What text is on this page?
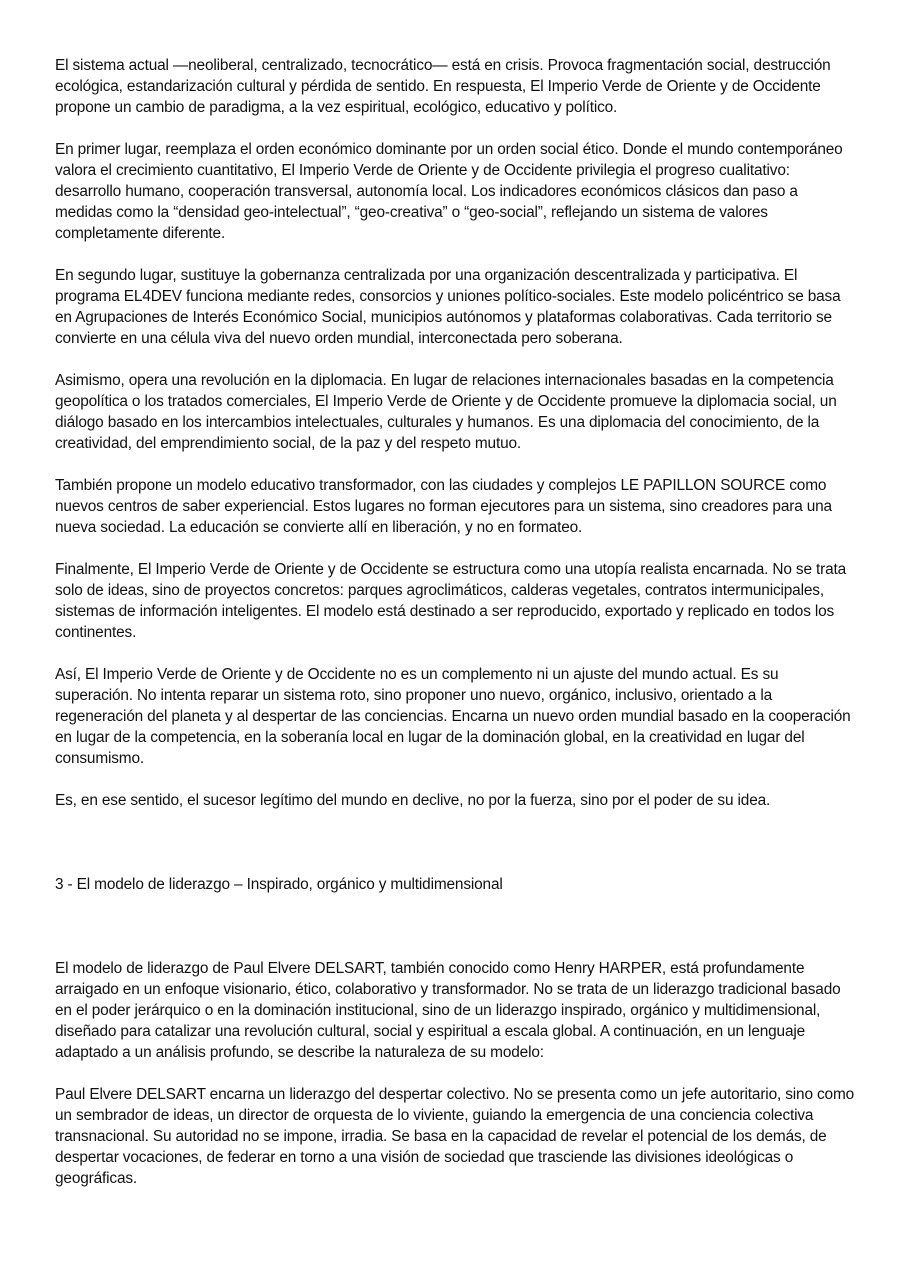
El sistema actual —neoliberal, centralizado, tecnocrático— está en crisis. Provoca fragmentación social, destrucción ecológica, estandarización cultural y pérdida de sentido. En respuesta, El Imperio Verde de Oriente y de Occidente propone un cambio de paradigma, a la vez espiritual, ecológico, educativo y político.

En primer lugar, reemplaza el orden económico dominante por un orden social ético. Donde el mundo contemporáneo valora el crecimiento cuantitativo, El Imperio Verde de Oriente y de Occidente privilegia el progreso cualitativo: desarrollo humano, cooperación transversal, autonomía local. Los indicadores económicos clásicos dan paso a medidas como la “densidad geo-intelectual”, “geo-creativa” o “geo-social”, reflejando un sistema de valores completamente diferente.

En segundo lugar, sustituye la gobernanza centralizada por una organización descentralizada y participativa. El programa EL4DEV funciona mediante redes, consorcios y uniones político-sociales. Este modelo policéntrico se basa en Agrupaciones de Interés Económico Social, municipios autónomos y plataformas colaborativas. Cada territorio se convierte en una célula viva del nuevo orden mundial, interconectada pero soberana.

Asimismo, opera una revolución en la diplomacia. En lugar de relaciones internacionales basadas en la competencia geopolítica o los tratados comerciales, El Imperio Verde de Oriente y de Occidente promueve la diplomacia social, un diálogo basado en los intercambios intelectuales, culturales y humanos. Es una diplomacia del conocimiento, de la creatividad, del emprendimiento social, de la paz y del respeto mutuo.

También propone un modelo educativo transformador, con las ciudades y complejos LE PAPILLON SOURCE como nuevos centros de saber experiencial. Estos lugares no forman ejecutores para un sistema, sino creadores para una nueva sociedad. La educación se convierte allí en liberación, y no en formateo.

Finalmente, El Imperio Verde de Oriente y de Occidente se estructura como una utopía realista encarnada. No se trata solo de ideas, sino de proyectos concretos: parques agroclimáticos, calderas vegetales, contratos intermunicipales, sistemas de información inteligentes. El modelo está destinado a ser reproducido, exportado y replicado en todos los continentes.

Así, El Imperio Verde de Oriente y de Occidente no es un complemento ni un ajuste del mundo actual. Es su superación. No intenta reparar un sistema roto, sino proponer uno nuevo, orgánico, inclusivo, orientado a la regeneración del planeta y al despertar de las conciencias. Encarna un nuevo orden mundial basado en la cooperación en lugar de la competencia, en la soberanía local en lugar de la dominación global, en la creatividad en lugar del consumismo.

Es, en ese sentido, el sucesor legítimo del mundo en declive, no por la fuerza, sino por el poder de su idea.

3 - El modelo de liderazgo – Inspirado, orgánico y multidimensional

El modelo de liderazgo de Paul Elvere DELSART, también conocido como Henry HARPER, está profundamente arraigado en un enfoque visionario, ético, colaborativo y transformador. No se trata de un liderazgo tradicional basado en el poder jerárquico o en la dominación institucional, sino de un liderazgo inspirado, orgánico y multidimensional, diseñado para catalizar una revolución cultural, social y espiritual a escala global. A continuación, en un lenguaje adaptado a un análisis profundo, se describe la naturaleza de su modelo:

Paul Elvere DELSART encarna un liderazgo del despertar colectivo. No se presenta como un jefe autoritario, sino como un sembrador de ideas, un director de orquesta de lo viviente, guiando la emergencia de una conciencia colectiva transnacional. Su autoridad no se impone, irradia. Se basa en la capacidad de revelar el potencial de los demás, de despertar vocaciones, de federar en torno a una visión de sociedad que trasciende las divisiones ideológicas o geográficas.
